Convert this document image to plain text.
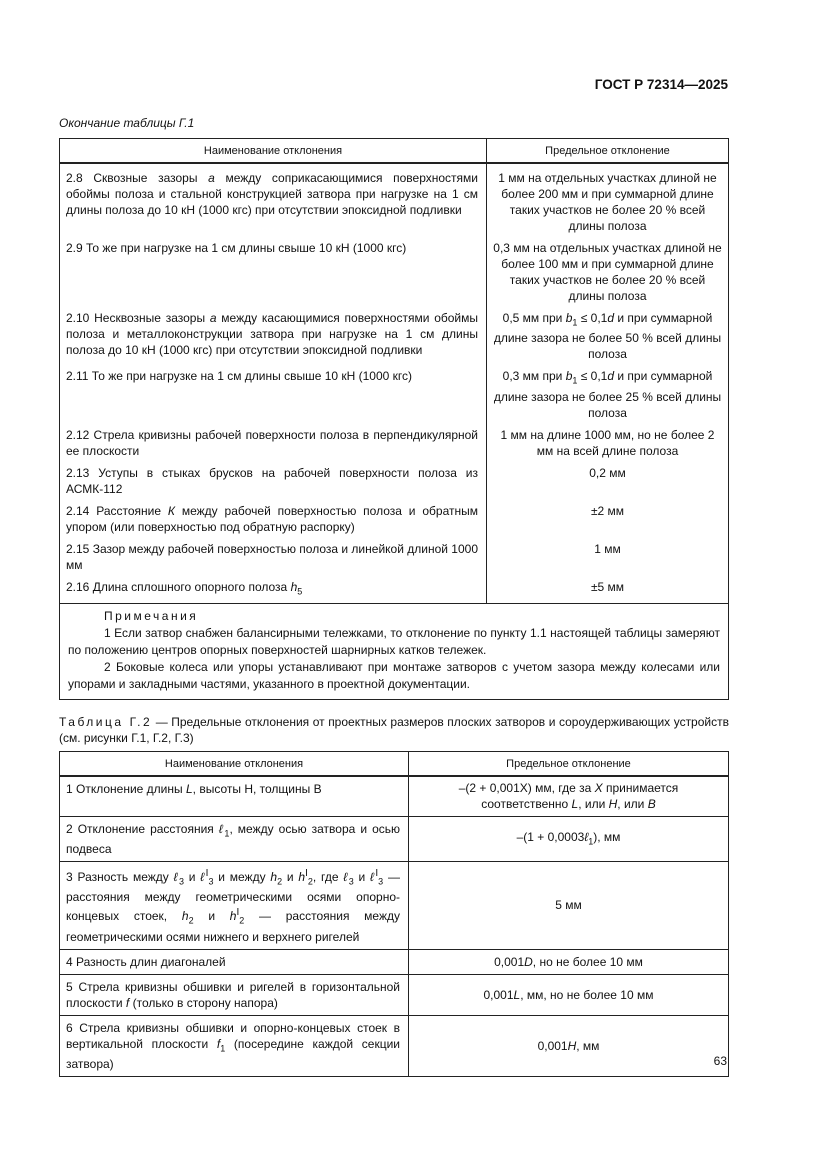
ГОСТ Р 72314—2025
Окончание таблицы Г.1
Наименование отклонения	Предельное отклонение
2.8 Сквозные зазоры а между соприкасающимися поверхностями обоймы полоза и стальной конструкцией затвора при нагрузке на 1 см длины полоза до 10 кН (1000 кгс) при отсутствии эпоксидной подливки	1 мм на отдельных участках длиной не более 200 мм и при суммарной длине таких участков не более 20 % всей длины полоза
2.9 То же при нагрузке на 1 см длины свыше 10 кН (1000 кгс)	0,3 мм на отдельных участках длиной не более 100 мм и при суммарной длине таких участков не более 20 % всей длины полоза
2.10 Несквозные зазоры а между касающимися поверхностями обоймы полоза и металлоконструкции затвора при нагрузке на 1 см длины полоза до 10 кН (1000 кгс) при отсутствии эпоксидной подливки	0,5 мм при $b_1 \le 0,1d$ и при суммарной длине зазора не более 50 % всей длины полоза
2.11 То же при нагрузке на 1 см длины свыше 10 кН (1000 кгс)	0,3 мм при $b_1 \le 0,1d$ и при суммарной длине зазора не более 25 % всей длины полоза
2.12 Стрела кривизны рабочей поверхности полоза в перпендикулярной ее плоскости	1 мм на длине 1000 мм, но не более 2 мм на всей длине полоза
2.13 Уступы в стыках брусков на рабочей поверхности полоза из АСМК-112	0,2 мм
2.14 Расстояние К между рабочей поверхностью полоза и обратным упором (или поверхностью под обратную распорку)	±2 мм
2.15 Зазор между рабочей поверхностью полоза и линейкой длиной 1000 мм	1 мм
2.16 Длина сплошного опорного полоза $h_5$	±5 мм

Примечания

1 Если затвор снабжен балансирными тележками, то отклонение по пункту 1.1 настоящей таблицы замеряют по положению центров опорных поверхностей шарнирных катков тележек.

2 Боковые колеса или упоры устанавливают при монтаже затворов с учетом зазора между колесами или упорами и закладными частями, указанного в проектной документации.	

Таблица Г.2 — Предельные отклонения от проектных размеров плоских затворов и сороудерживающих устройств (см. рисунки Г.1, Г.2, Г.3)
Наименование отклонения	Предельное отклонение
1 Отклонение длины L, высоты Н, толщины В	–(2 + 0,001X) мм, где за X принимается соответственно L, или H, или B
2 Отклонение расстояния ℓ$_1$, между осью затвора и осью подвеса	–(1 + 0,0003ℓ$_1$), мм
3 Разность между ℓ$_3$ и ℓ$^I_3$ и между $h_2$ и $h^I_2$, где ℓ$_3$ и ℓ$^I_3$ — расстояния между геометрическими осями опорно-концевых стоек, $h_2$ и $h^I_2$ — расстояния между геометрическими осями нижнего и верхнего ригелей	5 мм
4 Разность длин диагоналей	0,001D, но не более 10 мм
5 Стрела кривизны обшивки и ригелей в горизонтальной плоскости f (только в сторону напора)	0,001L, мм, но не более 10 мм
6 Стрела кривизны обшивки и опорно-концевых стоек в вертикальной плоскости $f_1$ (посередине каждой секции затвора)	0,001H, мм
63
